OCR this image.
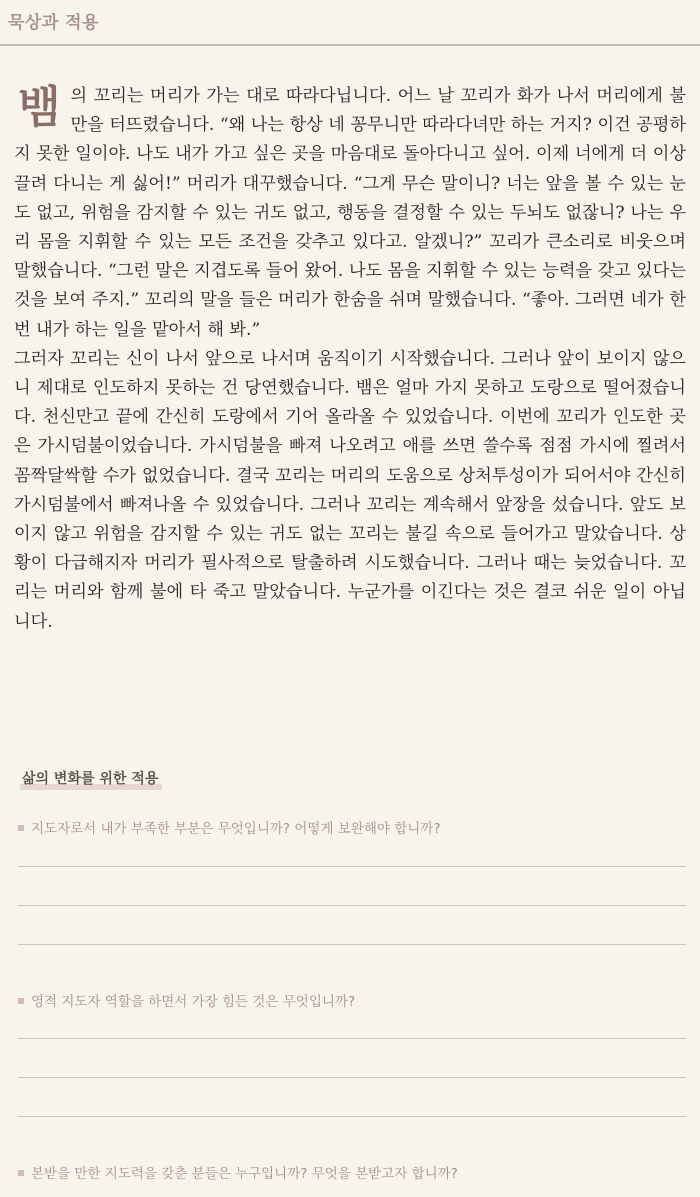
묵상과 적용

뱀 의 꼬리는 머리가 가는 대로 따라다닙니다. 어느 날 꼬리가 화가 나서 머리에게 불만을 터뜨렸습니다. “왜 나는 항상 네 꽁무니만 따라다녀만 하는 거지? 이건 공평하지 못한 일이야. 나도 내가 가고 싶은 곳을 마음대로 돌아다니고 싶어. 이제 너에게 더 이상 끌려 다니는 게 싫어!” 머리가 대꾸했습니다. “그게 무슨 말이니? 너는 앞을 볼 수 있는 눈도 없고, 위험을 감지할 수 있는 귀도 없고, 행동을 결정할 수 있는 두뇌도 없잖니? 나는 우리 몸을 지휘할 수 있는 모든 조건을 갖추고 있다고. 알겠니?” 꼬리가 큰소리로 비웃으며 말했습니다. “그런 말은 지겹도록 들어 왔어. 나도 몸을 지휘할 수 있는 능력을 갖고 있다는 것을 보여 주지.” 꼬리의 말을 들은 머리가 한숨을 쉬며 말했습니다. “좋아. 그러면 네가 한 번 내가 하는 일을 맡아서 해 봐.”

그러자 꼬리는 신이 나서 앞으로 나서며 움직이기 시작했습니다. 그러나 앞이 보이지 않으니 제대로 인도하지 못하는 건 당연했습니다. 뱀은 얼마 가지 못하고 도랑으로 떨어졌습니다. 천신만고 끝에 간신히 도랑에서 기어 올라올 수 있었습니다. 이번에 꼬리가 인도한 곳은 가시덤불이었습니다. 가시덤불을 빠져 나오려고 애를 쓰면 쓸수록 점점 가시에 찔려서 꼼짝달싹할 수가 없었습니다. 결국 꼬리는 머리의 도움으로 상처투성이가 되어서야 간신히 가시덤불에서 빠져나올 수 있었습니다. 그러나 꼬리는 계속해서 앞장을 섰습니다. 앞도 보이지 않고 위험을 감지할 수 있는 귀도 없는 꼬리는 불길 속으로 들어가고 말았습니다. 상황이 다급해지자 머리가 필사적으로 탈출하려 시도했습니다. 그러나 때는 늦었습니다. 꼬리는 머리와 함께 불에 타 죽고 말았습니다. 누군가를 이긴다는 것은 결코 쉬운 일이 아닙니다.

삶의 변화를 위한 적용
지도자로서 내가 부족한 부분은 무엇입니까? 어떻게 보완해야 합니까?
영적 지도자 역할을 하면서 가장 힘든 것은 무엇입니까?
본받을 만한 지도력을 갖춘 분들은 누구입니까? 무엇을 본받고자 합니까?
